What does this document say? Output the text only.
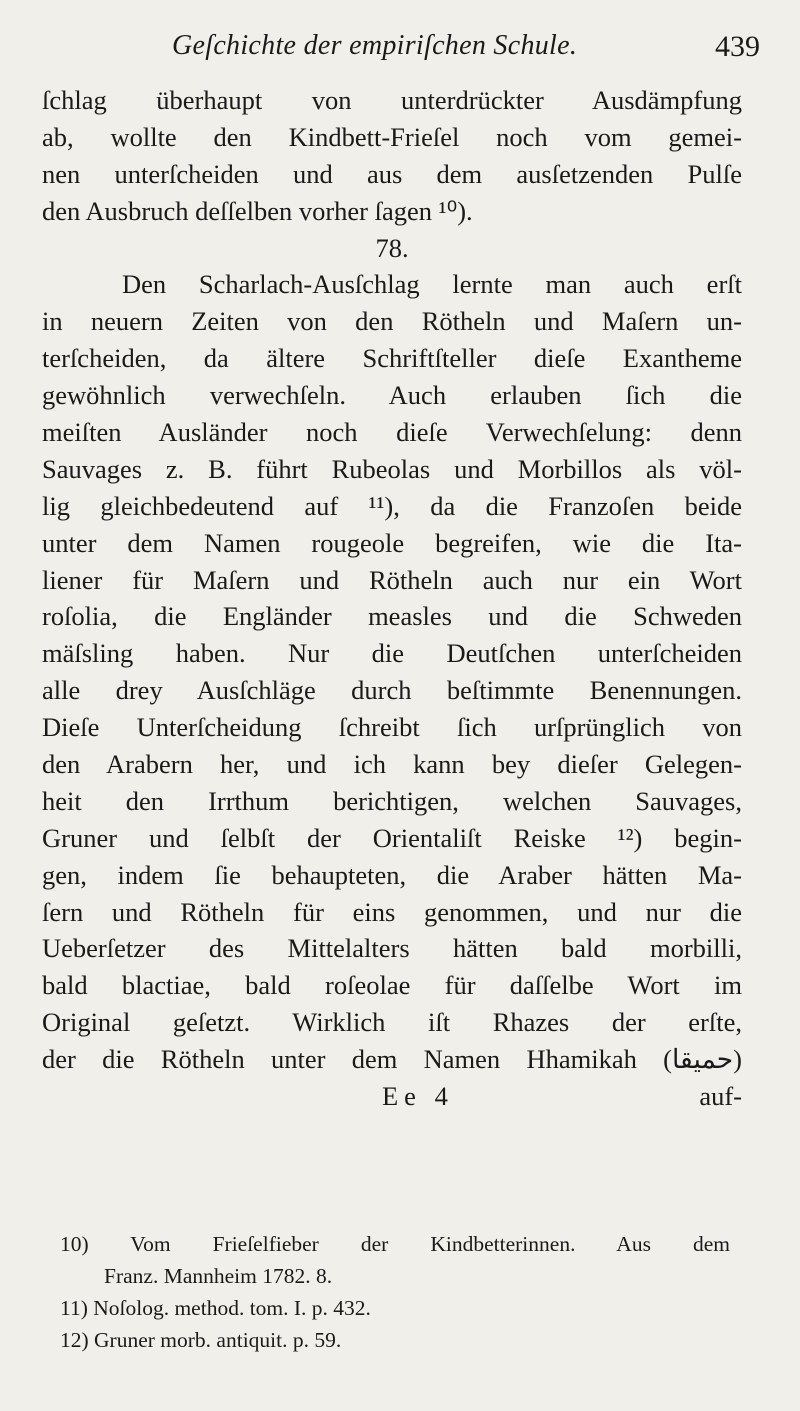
Geſchichte der empiriſchen Schule.	439
ſchlag überhaupt von unterdrückter Ausdämpfung
ab, wollte den Kindbett-Frieſel noch vom gemei-
nen unterſcheiden und aus dem ausſetzenden Pulſe
den Ausbruch deſſelben vorher ſagen ¹⁰).
78.
Den Scharlach-Ausſchlag lernte man auch erſt
in neuern Zeiten von den Rötheln und Maſern un-
terſcheiden, da ältere Schriftſteller dieſe Exantheme
gewöhnlich verwechſeln. Auch erlauben ſich die
meiſten Ausländer noch dieſe Verwechſelung: denn
Sauvages z. B. führt Rubeolas und Morbillos als völ-
lig gleichbedeutend auf ¹¹), da die Franzoſen beide
unter dem Namen rougeole begreifen, wie die Ita-
liener für Maſern und Rötheln auch nur ein Wort
roſolia, die Engländer measles und die Schweden
mäſsling haben. Nur die Deutſchen unterſcheiden
alle drey Ausſchläge durch beſtimmte Benennungen.
Dieſe Unterſcheidung ſchreibt ſich urſprünglich von
den Arabern her, und ich kann bey dieſer Gelegen-
heit den Irrthum berichtigen, welchen Sauvages,
Gruner und ſelbſt der Orientaliſt Reiske ¹²) begin-
gen, indem ſie behaupteten, die Araber hätten Ma-
ſern und Rötheln für eins genommen, und nur die
Ueberſetzer des Mittelalters hätten bald morbilli,
bald blactiae, bald roſeolae für daſſelbe Wort im
Original geſetzt. Wirklich iſt Rhazes der erſte,
der die Rötheln unter dem Namen Hhamikah (حميقا)
Ee 4	auf-
10) Vom Frieſelfieber der Kindbetterinnen. Aus dem
Franz. Mannheim 1782. 8.
11) Noſolog. method. tom. I. p. 432.
12) Gruner morb. antiquit. p. 59.
